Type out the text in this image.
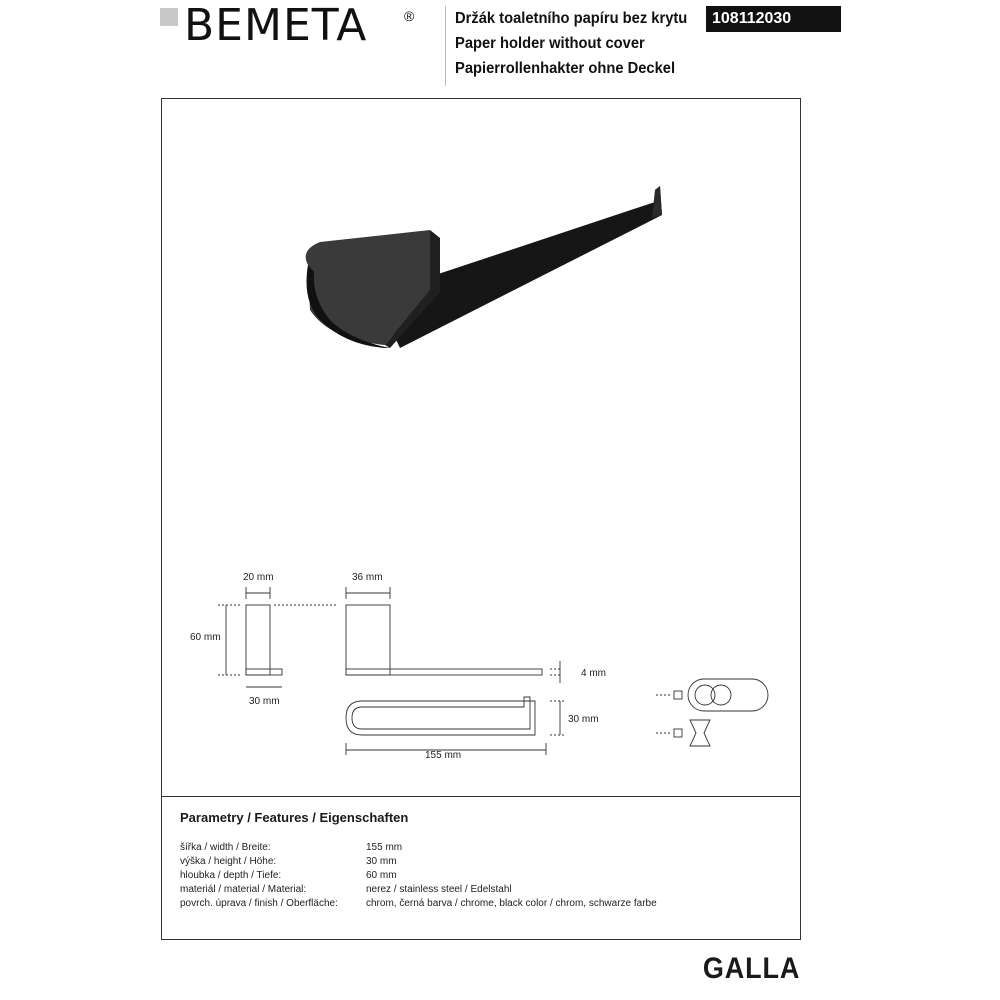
BEMETA	®	Držák toaletního papíru bez krytu
Paper holder without cover
Papierrollenhakter ohne Deckel
108112030
20 mm
60 mm
30 mm
36 mm
4 mm
30 mm
155 mm
Parametry / Features / Eigenschaften
šířka / width / Breite:	155 mm
výška / height / Höhe:	30 mm
hloubka / depth / Tiefe:	60 mm
materiál / material / Material:	nerez / stainless steel / Edelstahl
povrch. úprava / finish / Oberfläche:	chrom, černá barva / chrome, black color / chrom, schwarze farbe
GALLA
